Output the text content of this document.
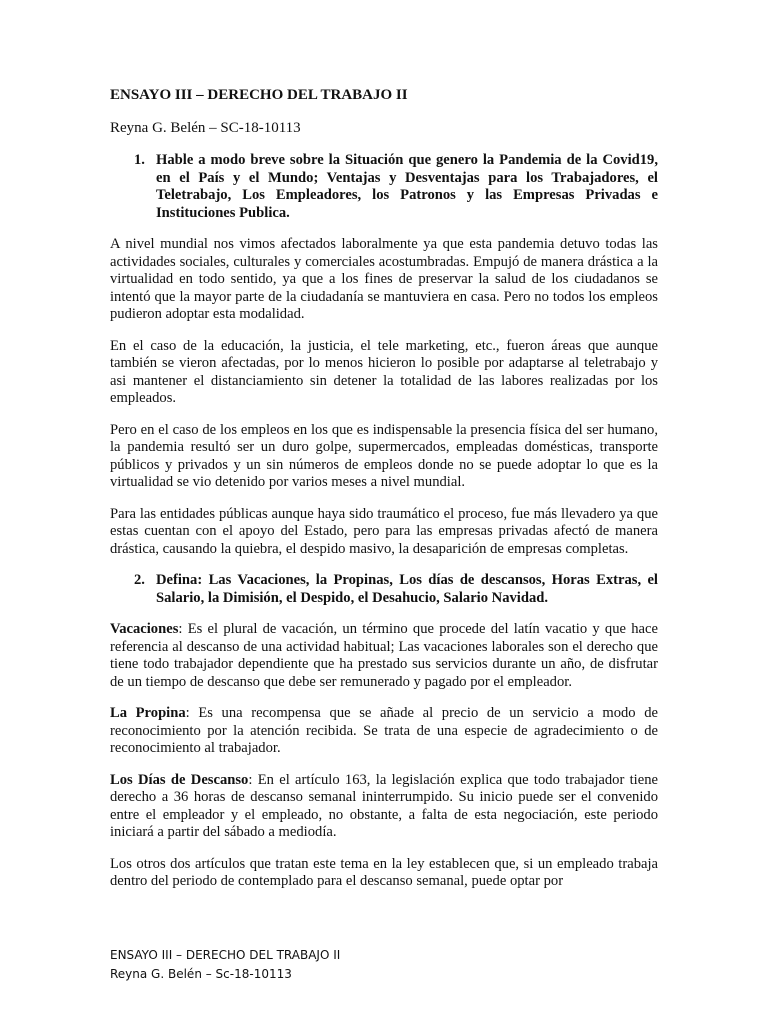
ENSAYO III – DERECHO DEL TRABAJO II
Reyna G. Belén – SC-18-10113
1. Hable a modo breve sobre la Situación que genero la Pandemia de la Covid19, en el País y el Mundo; Ventajas y Desventajas para los Trabajadores, el Teletrabajo, Los Empleadores, los Patronos y las Empresas Privadas e Instituciones Publica.

A nivel mundial nos vimos afectados laboralmente ya que esta pandemia detuvo todas las actividades sociales, culturales y comerciales acostumbradas. Empujó de manera drástica a la virtualidad en todo sentido, ya que a los fines de preservar la salud de los ciudadanos se intentó que la mayor parte de la ciudadanía se mantuviera en casa. Pero no todos los empleos pudieron adoptar esta modalidad.

En el caso de la educación, la justicia, el tele marketing, etc., fueron áreas que aunque también se vieron afectadas, por lo menos hicieron lo posible por adaptarse al teletrabajo y asi mantener el distanciamiento sin detener la totalidad de las labores realizadas por los empleados.

Pero en el caso de los empleos en los que es indispensable la presencia física del ser humano, la pandemia resultó ser un duro golpe, supermercados, empleadas domésticas, transporte públicos y privados y un sin números de empleos donde no se puede adoptar lo que es la virtualidad se vio detenido por varios meses a nivel mundial.

Para las entidades públicas aunque haya sido traumático el proceso, fue más llevadero ya que estas cuentan con el apoyo del Estado, pero para las empresas privadas afectó de manera drástica, causando la quiebra, el despido masivo, la desaparición de empresas completas.

2. Defina: Las Vacaciones, la Propinas, Los días de descansos, Horas Extras, el Salario, la Dimisión, el Despido, el Desahucio, Salario Navidad.

Vacaciones: Es el plural de vacación, un término que procede del latín vacatio y que hace referencia al descanso de una actividad habitual; Las vacaciones laborales son el derecho que tiene todo trabajador dependiente que ha prestado sus servicios durante un año, de disfrutar de un tiempo de descanso que debe ser remunerado y pagado por el empleador.

La Propina: Es una recompensa que se añade al precio de un servicio a modo de reconocimiento por la atención recibida. Se trata de una especie de agradecimiento o de reconocimiento al trabajador.

Los Días de Descanso: En el artículo 163, la legislación explica que todo trabajador tiene derecho a 36 horas de descanso semanal ininterrumpido. Su inicio puede ser el convenido entre el empleador y el empleado, no obstante, a falta de esta negociación, este periodo iniciará a partir del sábado a mediodía.

Los otros dos artículos que tratan este tema en la ley establecen que, si un empleado trabaja dentro del periodo de contemplado para el descanso semanal, puede optar por

ENSAYO III – DERECHO DEL TRABAJO II
Reyna G. Belén – Sc-18-10113
